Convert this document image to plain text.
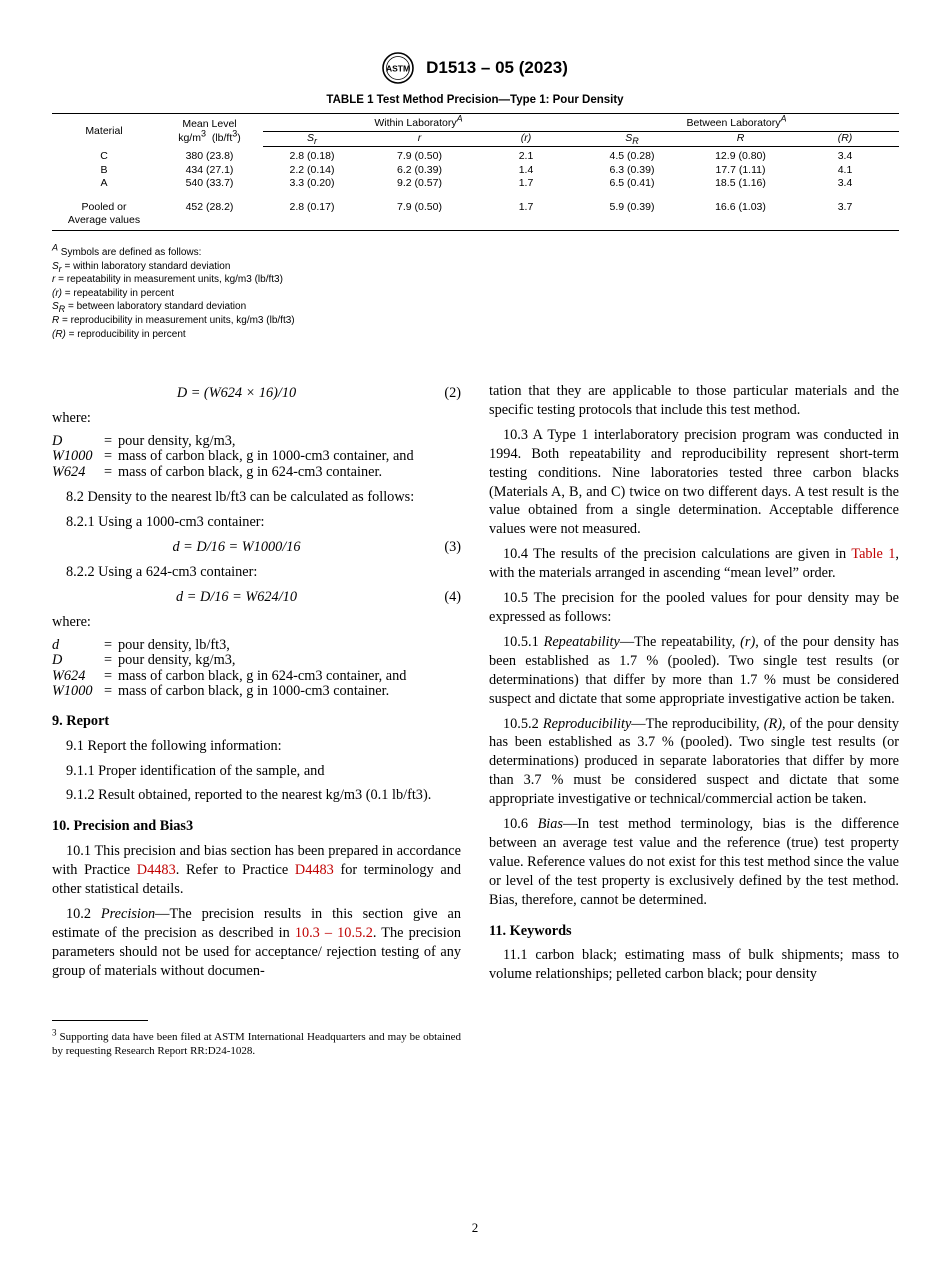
ASTM D1513 – 05 (2023)
TABLE 1 Test Method Precision—Type 1: Pour Density
Material	Mean Level
$kg/m^3$  $(lb/ft^3)$	Within Laboratory$^A$			Between Laboratory$^A$
		$S_r$	r	(r)	$S_R$	R	(R)
C	380 (23.8)	2.8 (0.18)	7.9 (0.50)	2.1	4.5 (0.28)	12.9 (0.80)	3.4
B	434 (27.1)	2.2 (0.14)	6.2 (0.39)	1.4	6.3 (0.39)	17.7 (1.11)	4.1
A	540 (33.7)	3.3 (0.20)	9.2 (0.57)	1.7	6.5 (0.41)	18.5 (1.16)	3.4
Pooled or	452 (28.2)	2.8 (0.17)	7.9 (0.50)	1.7	5.9 (0.39)	16.6 (1.03)	3.7
Average values							
$^A$ Symbols are defined as follows:
$S_r$ = within laboratory standard deviation
r = repeatability in measurement units, kg/m3 (lb/ft3)
(r) = repeatability in percent
$S_R$ = between laboratory standard deviation
R = reproducibility in measurement units, kg/m3 (lb/ft3)
(R) = reproducibility in percent
D = (W624 × 16)/10	(2)
where:
D	= pour density, kg/m3,
W1000 = mass of carbon black, g in 1000-cm3 container, and
W624	= mass of carbon black, g in 624-cm3 container.
8.2 Density to the nearest lb/ft3 can be calculated as follows:
8.2.1 Using a 1000-cm3 container:
d = D/16 = W1000/16	(3)
8.2.2 Using a 624-cm3 container:
d = D/16 = W624/10	(4)
where:
d	= pour density, lb/ft3,
D	= pour density, kg/m3,
W624	= mass of carbon black, g in 624-cm3 container, and
W1000 = mass of carbon black, g in 1000-cm3 container.
9. Report
9.1 Report the following information:
9.1.1 Proper identification of the sample, and
9.1.2 Result obtained, reported to the nearest kg/m3 (0.1 lb/ft3).
10. Precision and Bias3
10.1 This precision and bias section has been prepared in accordance with Practice D4483. Refer to Practice D4483 for terminology and other statistical details.
10.2 Precision—The precision results in this section give an estimate of the precision as described in 10.3 – 10.5.2. The precision parameters should not be used for acceptance/ rejection testing of any group of materials without documen-
tation that they are applicable to those particular materials and the specific testing protocols that include this test method.
10.3 A Type 1 interlaboratory precision program was conducted in 1994. Both repeatability and reproducibility represent short-term testing conditions. Nine laboratories tested three carbon blacks (Materials A, B, and C) twice on two different days. A test result is the value obtained from a single determination. Acceptable difference values were not measured.
10.4 The results of the precision calculations are given in Table 1, with the materials arranged in ascending “mean level” order.
10.5 The precision for the pooled values for pour density may be expressed as follows:
10.5.1 Repeatability—The repeatability, (r), of the pour density has been established as 1.7 % (pooled). Two single test results (or determinations) that differ by more than 1.7 % must be considered suspect and dictate that some appropriate investigative action be taken.
10.5.2 Reproducibility—The reproducibility, (R), of the pour density has been established as 3.7 % (pooled). Two single test results (or determinations) produced in separate laboratories that differ by more than 3.7 % must be considered suspect and dictate that some appropriate investigative or technical/commercial action be taken.
10.6 Bias—In test method terminology, bias is the difference between an average test value and the reference (true) test property value. Reference values do not exist for this test method since the value or level of the test property is exclusively defined by the test method. Bias, therefore, cannot be determined.
11. Keywords
11.1 carbon black; estimating mass of bulk shipments; mass to volume relationships; pelleted carbon black; pour density
$^3$ Supporting data have been filed at ASTM International Headquarters and may be obtained by requesting Research Report RR:D24-1028.
2
